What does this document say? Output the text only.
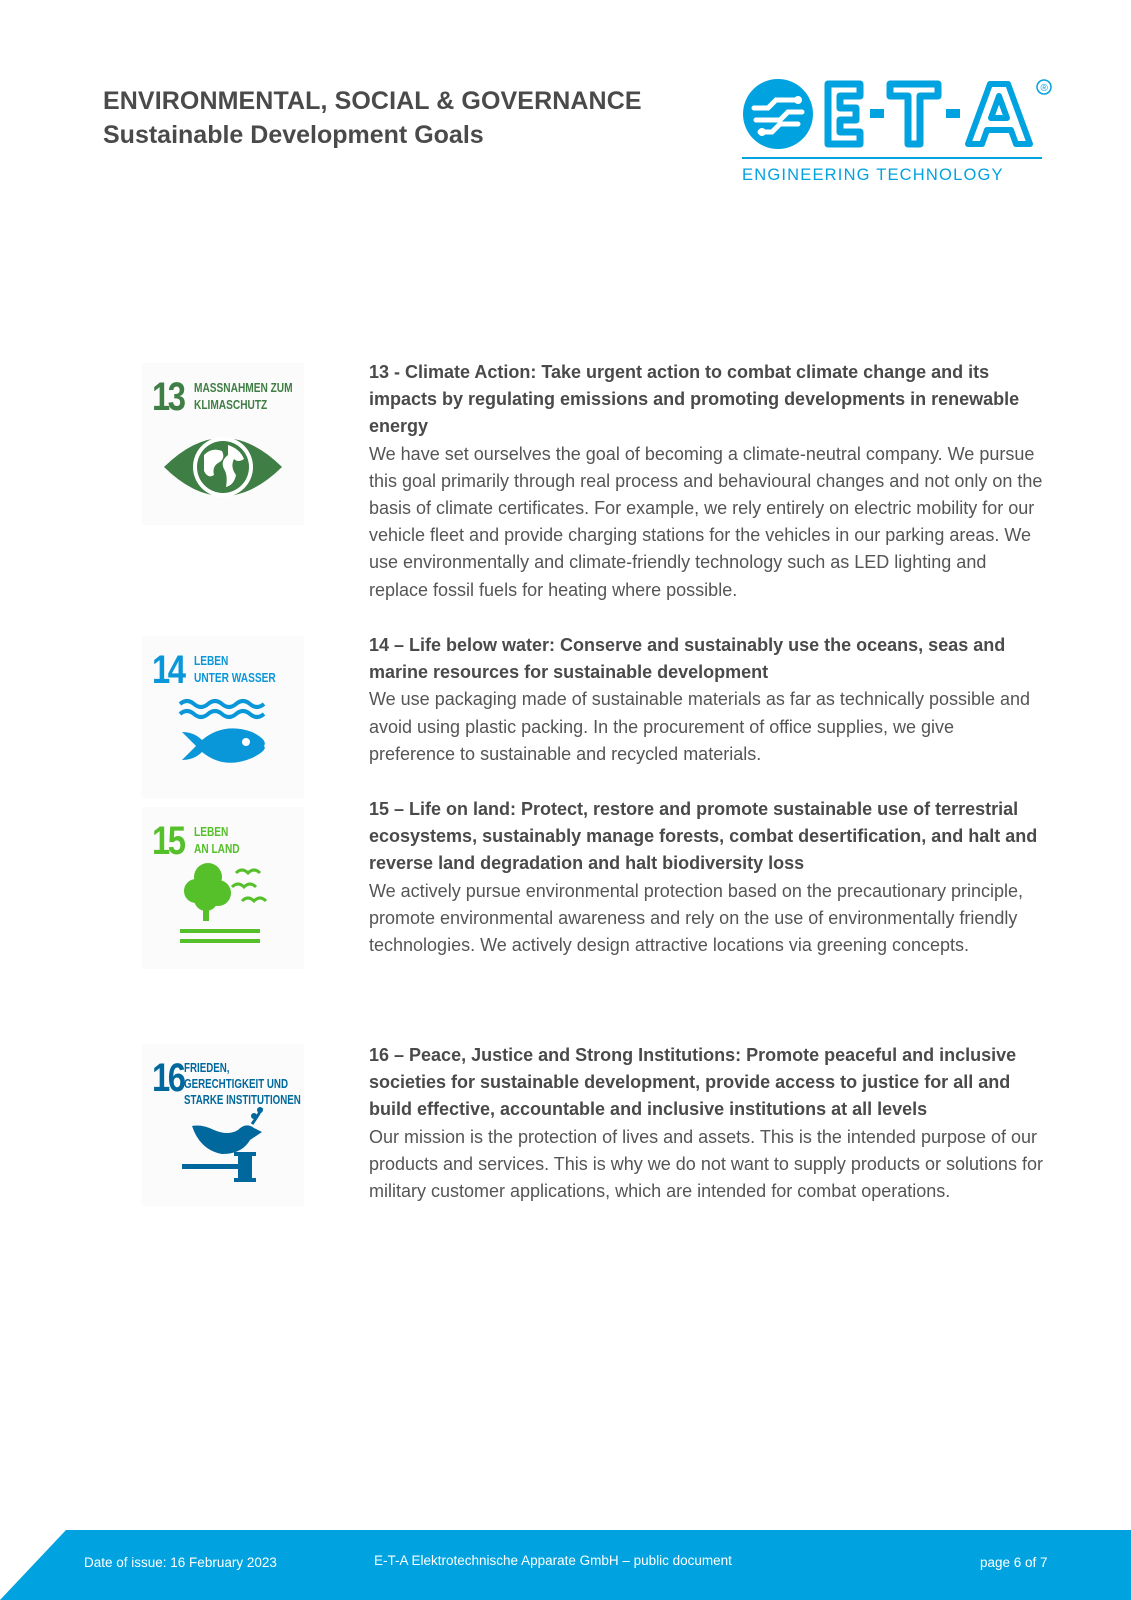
ENVIRONMENTAL, SOCIAL & GOVERNANCE
Sustainable Development Goals
®
ENGINEERING TECHNOLOGY
13 MASSNAHMEN ZUM
KLIMASCHUTZ
13 - Climate Action: Take urgent action to combat climate change and its impacts by regulating emissions and promoting developments in renewable energy
We have set ourselves the goal of becoming a climate-neutral company. We pursue this goal primarily through real process and behavioural changes and not only on the basis of climate certificates. For example, we rely entirely on electric mobility for our vehicle fleet and provide charging stations for the vehicles in our parking areas. We use environmentally and climate-friendly technology such as LED lighting and replace fossil fuels for heating where possible.
14 LEBEN
UNTER WASSER
14 – Life below water: Conserve and sustainably use the oceans, seas and marine resources for sustainable development
We use packaging made of sustainable materials as far as technically possible and avoid using plastic packing. In the procurement of office supplies, we give preference to sustainable and recycled materials.
15 LEBEN
AN LAND
15 – Life on land: Protect, restore and promote sustainable use of terrestrial ecosystems, sustainably manage forests, combat desertification, and halt and reverse land degradation and halt biodiversity loss
We actively pursue environmental protection based on the precautionary principle, promote environmental awareness and rely on the use of environmentally friendly technologies. We actively design attractive locations via greening concepts.
16 FRIEDEN,
GERECHTIGKEIT UND
STARKE INSTITUTIONEN
16 – Peace, Justice and Strong Institutions: Promote peaceful and inclusive societies for sustainable development, provide access to justice for all and build effective, accountable and inclusive institutions at all levels
Our mission is the protection of lives and assets. This is the intended purpose of our products and services. This is why we do not want to supply products or solutions for military customer applications, which are intended for combat operations.
Date of issue: 16 February 2023	E-T-A Elektrotechnische Apparate GmbH – public document	page 6 of 7
